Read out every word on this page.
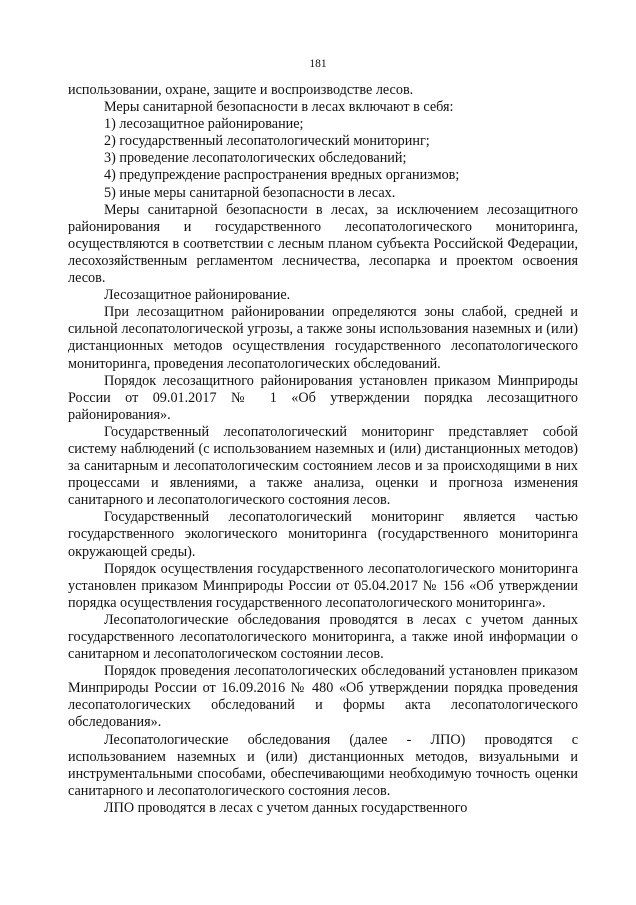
181

использовании, охране, защите и воспроизводстве лесов.

Меры санитарной безопасности в лесах включают в себя:

1) лесозащитное районирование;

2) государственный лесопатологический мониторинг;

3) проведение лесопатологических обследований;

4) предупреждение распространения вредных организмов;

5) иные меры санитарной безопасности в лесах.

Меры санитарной безопасности в лесах, за исключением лесозащитного районирования и государственного лесопатологического мониторинга, осуществляются в соответствии с лесным планом субъекта Российской Федерации, лесохозяйственным регламентом лесничества, лесопарка и проектом освоения лесов.

Лесозащитное районирование.

При лесозащитном районировании определяются зоны слабой, средней и сильной лесопатологической угрозы, а также зоны использования наземных и (или) дистанционных методов осуществления государственного лесопатологического мониторинга, проведения лесопатологических обследований.

Порядок лесозащитного районирования установлен приказом Минприроды России от 09.01.2017 № 1 «Об утверждении порядка лесозащитного районирования».

Государственный лесопатологический мониторинг представляет собой систему наблюдений (с использованием наземных и (или) дистанционных методов) за санитарным и лесопатологическим состоянием лесов и за происходящими в них процессами и явлениями, а также анализа, оценки и прогноза изменения санитарного и лесопатологического состояния лесов.

Государственный лесопатологический мониторинг является частью государственного экологического мониторинга (государственного мониторинга окружающей среды).

Порядок осуществления государственного лесопатологического мониторинга установлен приказом Минприроды России от 05.04.2017 № 156 «Об утверждении порядка осуществления государственного лесопатологического мониторинга».

Лесопатологические обследования проводятся в лесах с учетом данных государственного лесопатологического мониторинга, а также иной информации о санитарном и лесопатологическом состоянии лесов.

Порядок проведения лесопатологических обследований установлен приказом Минприроды России от 16.09.2016 № 480 «Об утверждении порядка проведения лесопатологических обследований и формы акта лесопатологического обследования».

Лесопатологические обследования (далее - ЛПО) проводятся с использованием наземных и (или) дистанционных методов, визуальными и инструментальными способами, обеспечивающими необходимую точность оценки санитарного и лесопатологического состояния лесов.

ЛПО проводятся в лесах с учетом данных государственного
